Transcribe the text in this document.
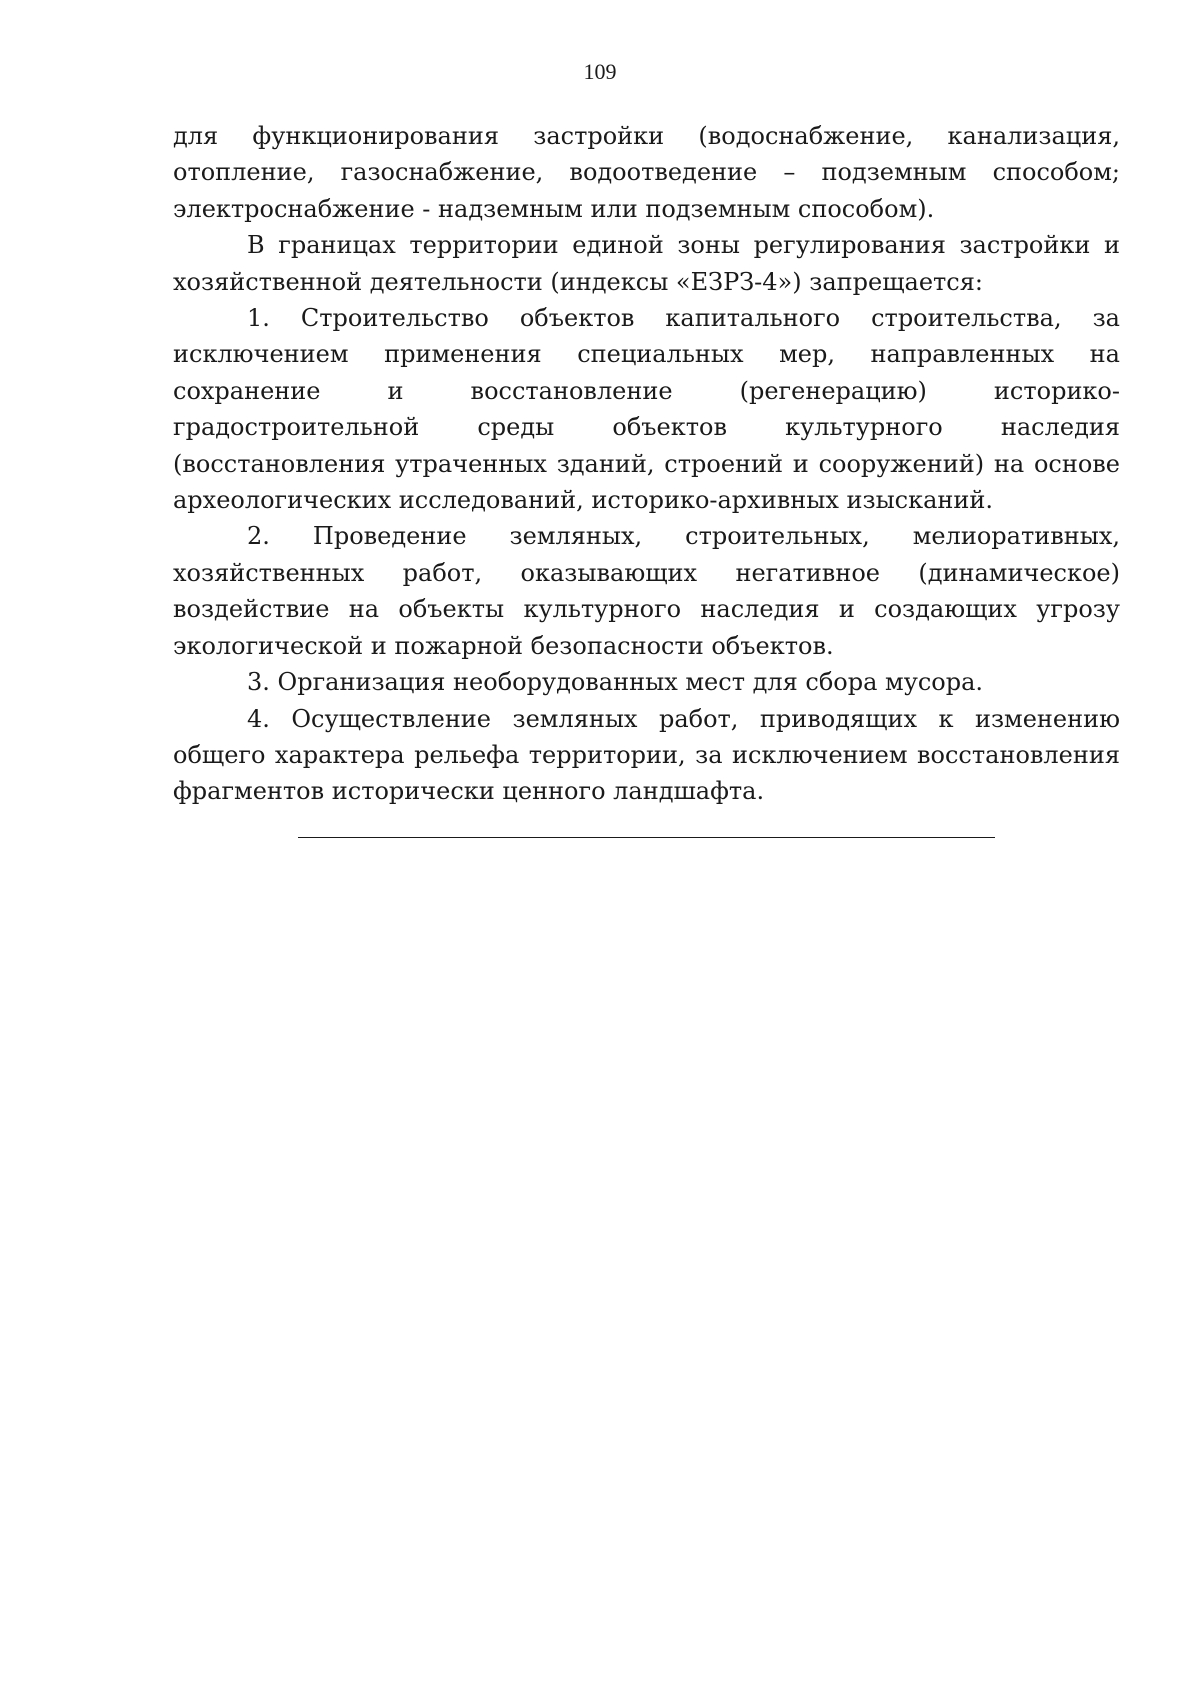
109

для функционирования застройки (водоснабжение, канализация, отопление, газоснабжение, водоотведение – подземным способом; электроснабжение - надземным или подземным способом).

В границах территории единой зоны регулирования застройки и хозяйственной деятельности (индексы «ЕЗРЗ-4») запрещается:

1. Строительство объектов капитального строительства, за исключением применения специальных мер, направленных на сохранение и восстановление (регенерацию) историко-градостроительной среды объектов культурного наследия (восстановления утраченных зданий, строений и сооружений) на основе археологических исследований, историко-архивных изысканий.

2. Проведение земляных, строительных, мелиоративных, хозяйственных работ, оказывающих негативное (динамическое) воздействие на объекты культурного наследия и создающих угрозу экологической и пожарной безопасности объектов.

3. Организация необорудованных мест для сбора мусора.

4. Осуществление земляных работ, приводящих к изменению общего характера рельефа территории, за исключением восстановления фрагментов исторически ценного ландшафта.
